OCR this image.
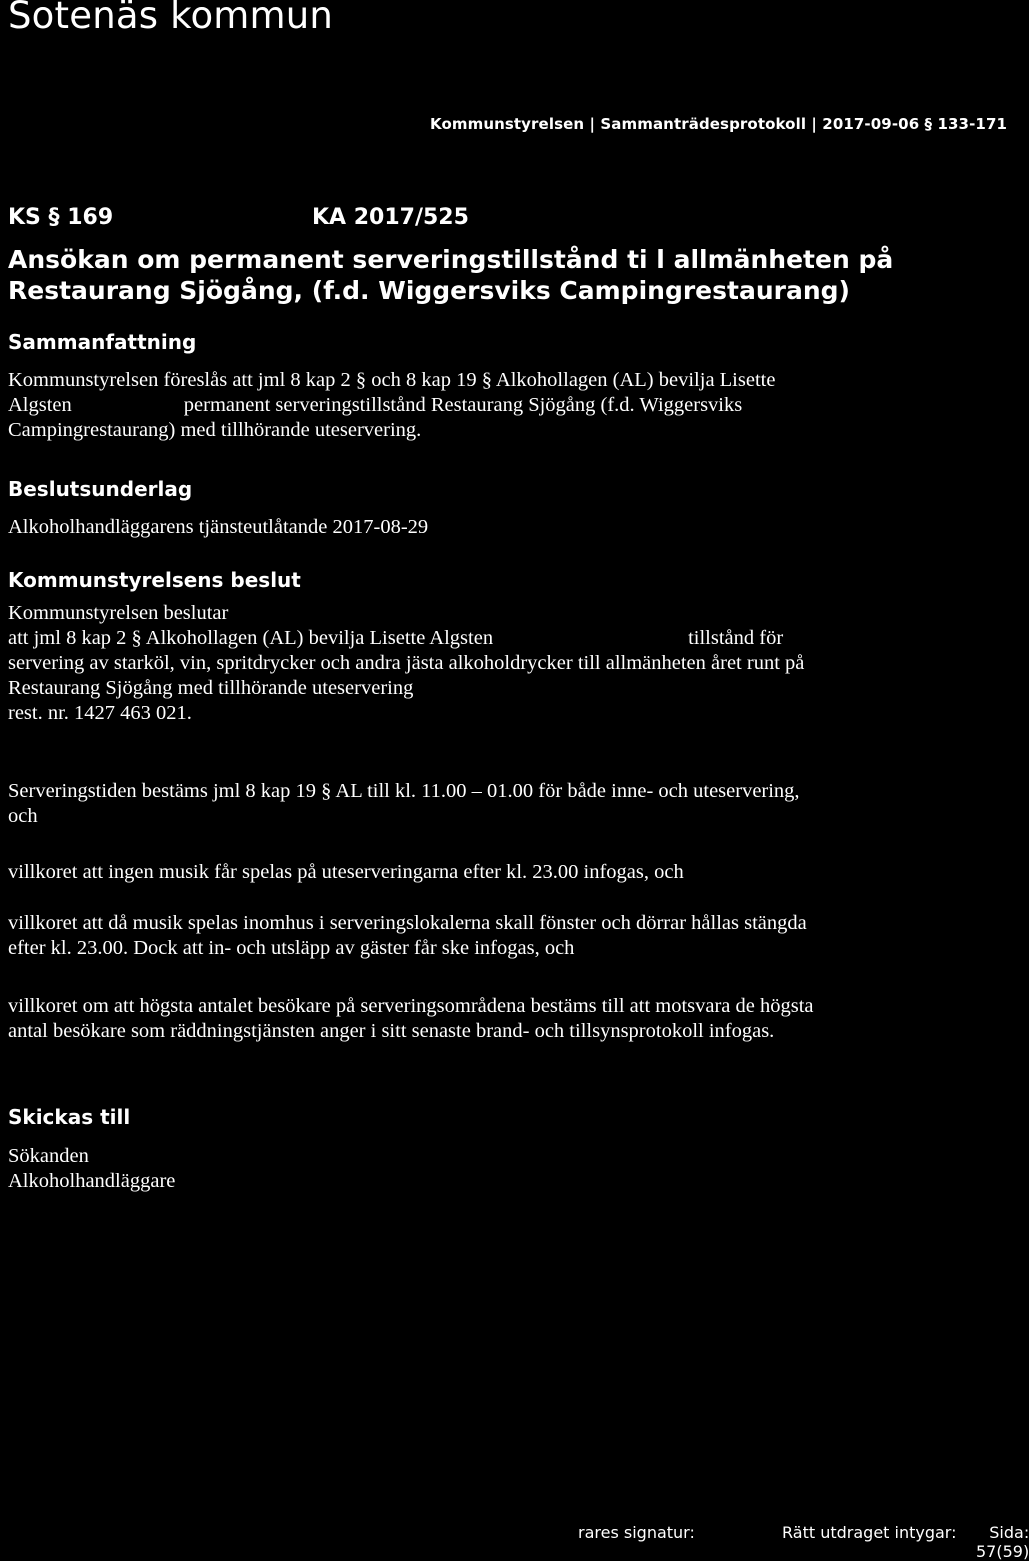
Sotenäs kommun
Kommunstyrelsen | Sammanträdesprotokoll | 2017-09-06 § 133-171
KS § 169	KA 2017/525
Ansökan om permanent serveringstillstånd ti l allmänheten på
Restaurang Sjögång, (f.d. Wiggersviks Campingrestaurang)
Sammanfattning
Kommunstyrelsen föreslås att jml 8 kap 2 § och 8 kap 19 § Alkohollagen (AL) bevilja Lisette
Algsten	permanent serveringstillstånd Restaurang Sjögång (f.d. Wiggersviks
Campingrestaurang) med tillhörande uteservering.
Beslutsunderlag
Alkoholhandläggarens tjänsteutlåtande 2017-08-29
Kommunstyrelsens beslut
Kommunstyrelsen beslutar
att jml 8 kap 2 § Alkohollagen (AL) bevilja Lisette Algsten	tillstånd för
servering av starköl, vin, spritdrycker och andra jästa alkoholdrycker till allmänheten året runt på
Restaurang Sjögång med tillhörande uteservering
rest. nr. 1427 463 021.
Serveringstiden bestäms jml 8 kap 19 § AL till kl. 11.00 – 01.00 för både inne- och uteservering,
och
villkoret att ingen musik får spelas på uteserveringarna efter kl. 23.00 infogas, och
villkoret att då musik spelas inomhus i serveringslokalerna skall fönster och dörrar hållas stängda
efter kl. 23.00. Dock att in- och utsläpp av gäster får ske infogas, och
villkoret om att högsta antalet besökare på serveringsområdena bestäms till att motsvara de högsta
antal besökare som räddningstjänsten anger i sitt senaste brand- och tillsynsprotokoll infogas.
Skickas till
Sökanden
Alkoholhandläggare
rares signatur:	Rätt utdraget intygar:	Sida:
57(59)
